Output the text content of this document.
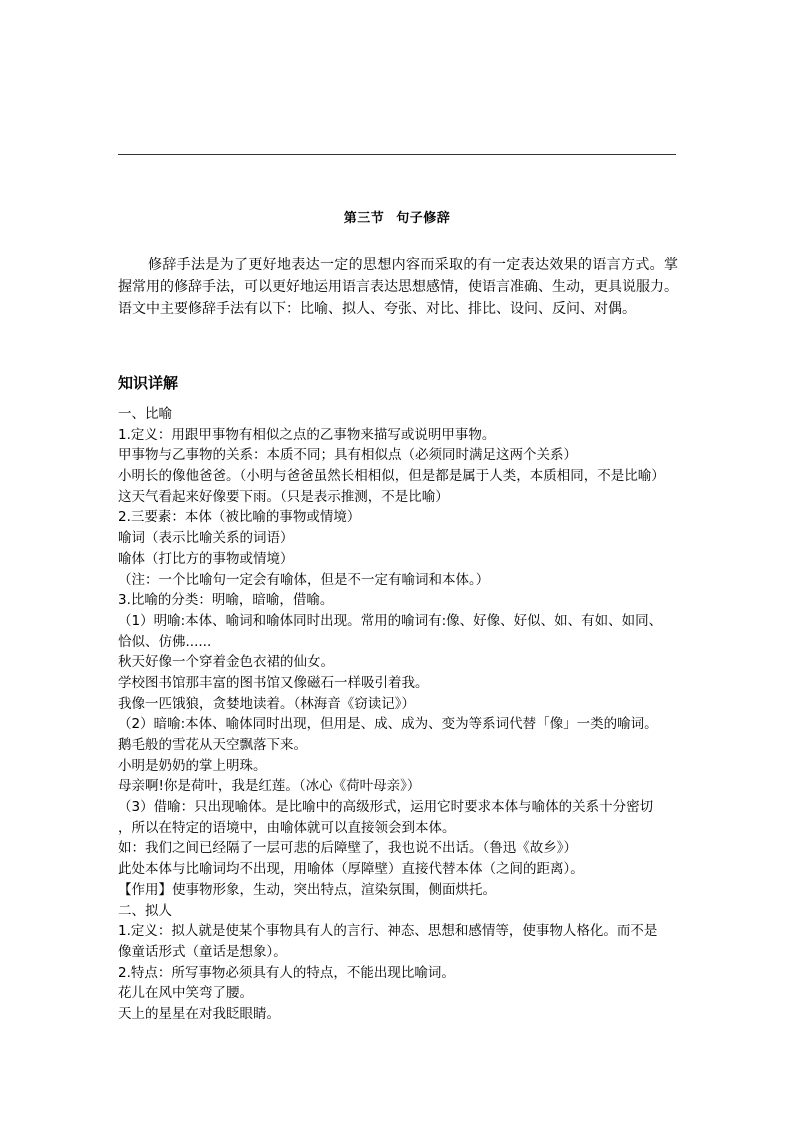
第三节 句子修辞
修辞手法是为了更好地表达一定的思想内容而采取的有一定表达效果的语言方式。掌握常用的修辞手法，可以更好地运用语言表达思想感情，使语言准确、生动，更具说服力。语文中主要修辞手法有以下：比喻、拟人、夸张、对比、排比、设问、反问、对偶。
知识详解
一、比喻
1.定义：用跟甲事物有相似之点的乙事物来描写或说明甲事物。
甲事物与乙事物的关系：本质不同；具有相似点（必须同时满足这两个关系）
小明长的像他爸爸。（小明与爸爸虽然长相相似，但是都是属于人类，本质相同，不是比喻）
这天气看起来好像要下雨。（只是表示推测，不是比喻）
2.三要素：本体（被比喻的事物或情境）
喻词（表示比喻关系的词语）
喻体（打比方的事物或情境）
（注：一个比喻句一定会有喻体，但是不一定有喻词和本体。）
3.比喻的分类：明喻，暗喻，借喻。
（1）明喻:本体、喻词和喻体同时出现。常用的喻词有:像、好像、好似、如、有如、如同、
恰似、仿佛......
秋天好像一个穿着金色衣裙的仙女。
学校图书馆那丰富的图书馆又像磁石一样吸引着我。
我像一匹饿狼，贪婪地读着。（林海音《窃读记》）
（2）暗喻:本体、喻体同时出现，但用是、成、成为、变为等系词代替「像」一类的喻词。
鹅毛般的雪花从天空飘落下来。
小明是奶奶的掌上明珠。
母亲啊!你是荷叶，我是红莲。（冰心《荷叶母亲》）
（3）借喻：只出现喻体。是比喻中的高级形式，运用它时要求本体与喻体的关系十分密切
，所以在特定的语境中，由喻体就可以直接领会到本体。
如：我们之间已经隔了一层可悲的后障壁了，我也说不出话。（鲁迅《故乡》）
此处本体与比喻词均不出现，用喻体（厚障壁）直接代替本体（之间的距离）。
【作用】使事物形象，生动，突出特点，渲染氛围，侧面烘托。
二、拟人
1.定义：拟人就是使某个事物具有人的言行、神态、思想和感情等，使事物人格化。而不是
像童话形式（童话是想象）。
2.特点：所写事物必须具有人的特点，不能出现比喻词。
花儿在风中笑弯了腰。
天上的星星在对我眨眼睛。
